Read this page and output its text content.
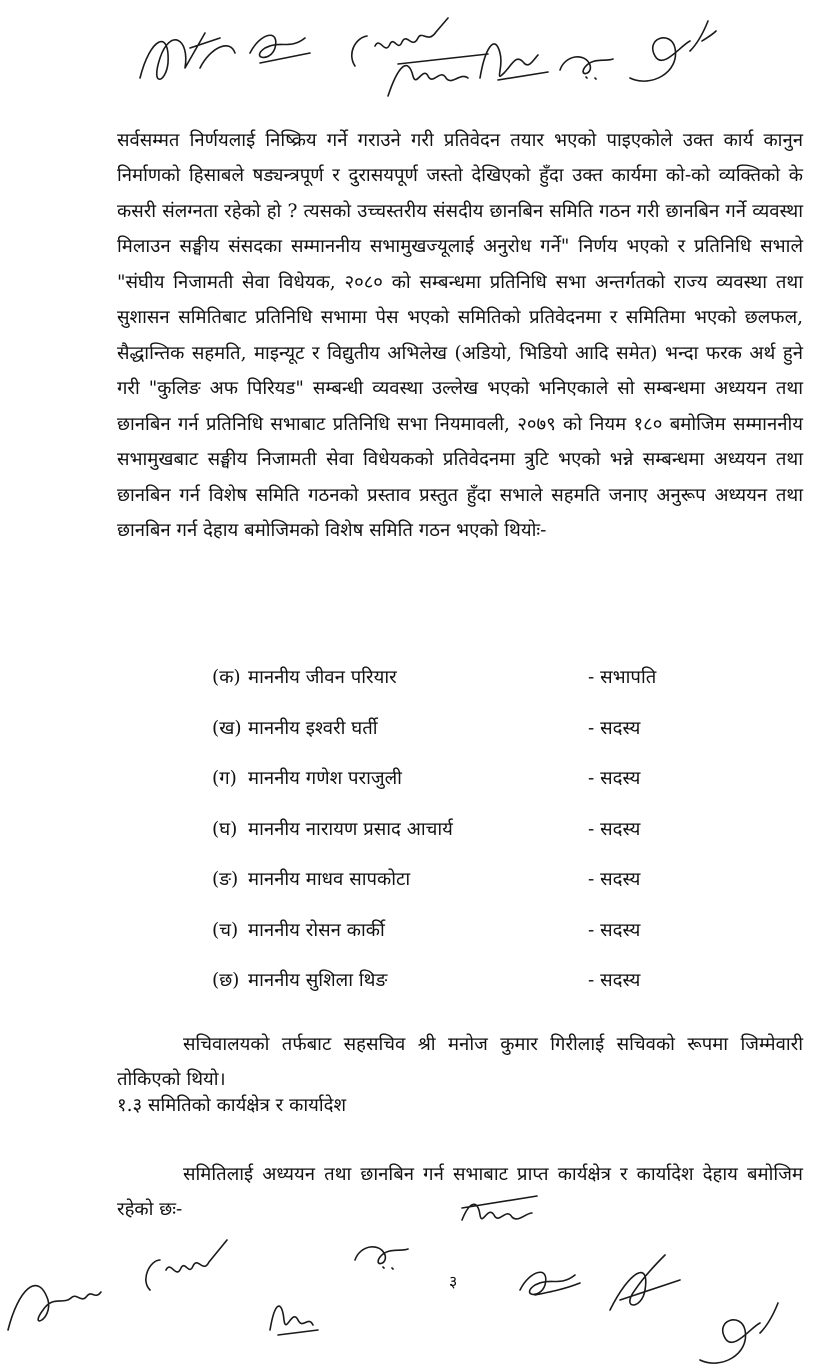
सर्वसम्मत निर्णयलाई निष्क्रिय गर्ने गराउने गरी प्रतिवेदन तयार भएको पाइएकोले उक्त कार्य कानुन निर्माणको हिसाबले षड्यन्त्रपूर्ण र दुरासयपूर्ण जस्तो देखिएको हुँदा उक्त कार्यमा को-को व्यक्तिको के कसरी संलग्नता रहेको हो ? त्यसको उच्चस्तरीय संसदीय छानबिन समिति गठन गरी छानबिन गर्ने व्यवस्था मिलाउन सङ्घीय संसदका सम्माननीय सभामुखज्यूलाई अनुरोध गर्ने" निर्णय भएको र प्रतिनिधि सभाले "संघीय निजामती सेवा विधेयक, २०८० को सम्बन्धमा प्रतिनिधि सभा अन्तर्गतको राज्य व्यवस्था तथा सुशासन समितिबाट प्रतिनिधि सभामा पेस भएको समितिको प्रतिवेदनमा र समितिमा भएको छलफल, सैद्धान्तिक सहमति, माइन्यूट र विद्युतीय अभिलेख (अडियो, भिडियो आदि समेत) भन्दा फरक अर्थ हुने गरी "कुलिङ अफ पिरियड" सम्बन्धी व्यवस्था उल्लेख भएको भनिएकाले सो सम्बन्धमा अध्ययन तथा छानबिन गर्न प्रतिनिधि सभाबाट प्रतिनिधि सभा नियमावली, २०७९ को नियम १८० बमोजिम सम्माननीय सभामुखबाट सङ्घीय निजामती सेवा विधेयकको प्रतिवेदनमा त्रुटि भएको भन्ने सम्बन्धमा अध्ययन तथा छानबिन गर्न विशेष समिति गठनको प्रस्ताव प्रस्तुत हुँदा सभाले सहमति जनाए अनुरूप अध्ययन तथा छानबिन गर्न देहाय बमोजिमको विशेष समिति गठन भएको थियोः-

(क) माननीय जीवन परियार	- सभापति
(ख) माननीय इश्वरी घर्ती	- सदस्य
(ग) माननीय गणेश पराजुली	- सदस्य
(घ) माननीय नारायण प्रसाद आचार्य	- सदस्य
(ङ) माननीय माधव सापकोटा	- सदस्य
(च) माननीय रोसन कार्की	- सदस्य
(छ) माननीय सुशिला थिङ	- सदस्य

सचिवालयको तर्फबाट सहसचिव श्री मनोज कुमार गिरीलाई सचिवको रूपमा जिम्मेवारी तोकिएको थियो।

१.३ समितिको कार्यक्षेत्र र कार्यादेश

समितिलाई अध्ययन तथा छानबिन गर्न सभाबाट प्राप्त कार्यक्षेत्र र कार्यादेश देहाय बमोजिम रहेको छः-

३
